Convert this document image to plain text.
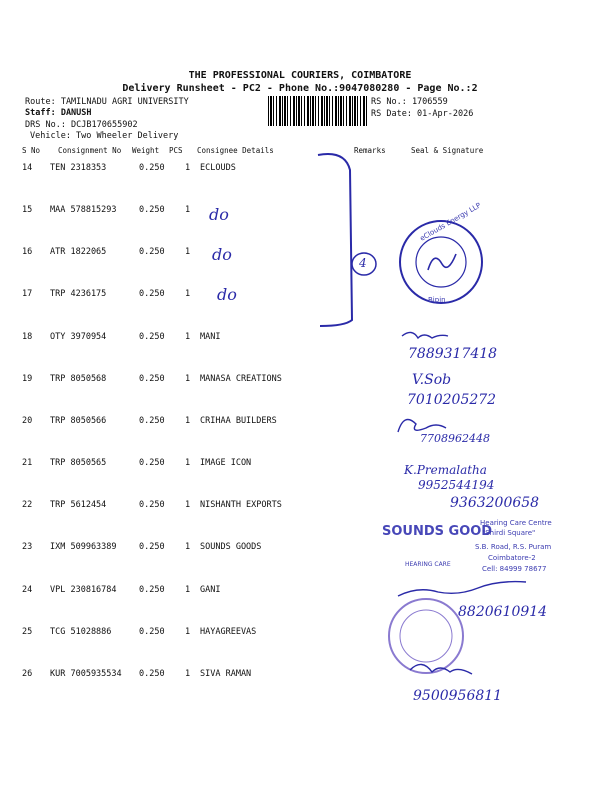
THE PROFESSIONAL COURIERS, COIMBATORE
Delivery Runsheet - PC2 - Phone No.:9047080280 - Page No.:2
Route: TAMILNADU AGRI UNIVERSITY
Staff: DANUSH
DRS No.: DCJB170655902
Vehicle: Two Wheeler Delivery
RS No.: 1706559
RS Date: 01-Apr-2026
S No Consignment No Weight PCS Consignee Details	Remarks	Seal & Signature
14 TEN 2318353	0.250 1 ECLOUDS
15 MAA 578815293	0.250 1
16 ATR 1822065	0.250 1
17 TRP 4236175	0.250 1
18 OTY 3970954	0.250 1 MANI
19 TRP 8050568	0.250 1 MANASA CREATIONS
20 TRP 8050566	0.250 1 CRIHAA BUILDERS
21 TRP 8050565	0.250 1 IMAGE ICON
22 TRP 5612454	0.250 1 NISHANTH EXPORTS
23 IXM 509963389	0.250 1 SOUNDS GOODS
24 VPL 230816784	0.250 1 GANI
25 TCG 51028886	0.250 1 HAYAGREEVAS
26 KUR 7005935534 0.250 1 SIVA RAMAN
do
do
do
4
7889317418
V.Sob
7010205272
7708962448
K.Premalatha
9952544194
9363200658
8820610914
9500956811
eClouds Energy LLP
Bipin
SOUNDS GOOD
HEARING CARE
Hearing Care Centre
"Shirdi Square"
S.B. Road, R.S. Puram
Coimbatore-2
Cell: 84999 78677
